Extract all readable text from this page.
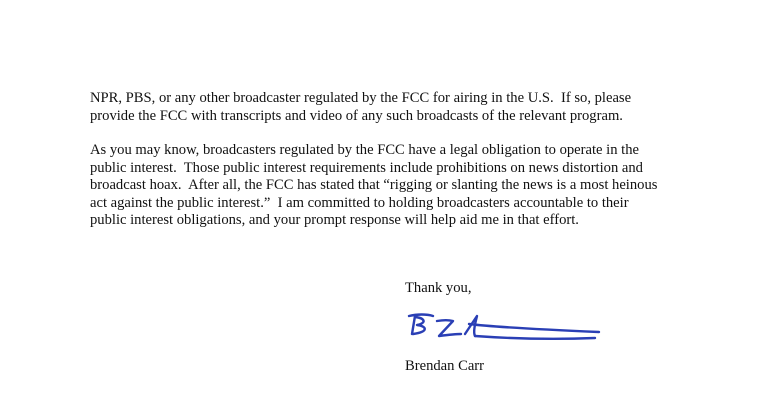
NPR, PBS, or any other broadcaster regulated by the FCC for airing in the U.S.  If so, please
provide the FCC with transcripts and video of any such broadcasts of the relevant program.

As you may know, broadcasters regulated by the FCC have a legal obligation to operate in the
public interest.  Those public interest requirements include prohibitions on news distortion and
broadcast hoax.  After all, the FCC has stated that “rigging or slanting the news is a most heinous
act against the public interest.”  I am committed to holding broadcasters accountable to their
public interest obligations, and your prompt response will help aid me in that effort.

Thank you,

Brendan Carr
